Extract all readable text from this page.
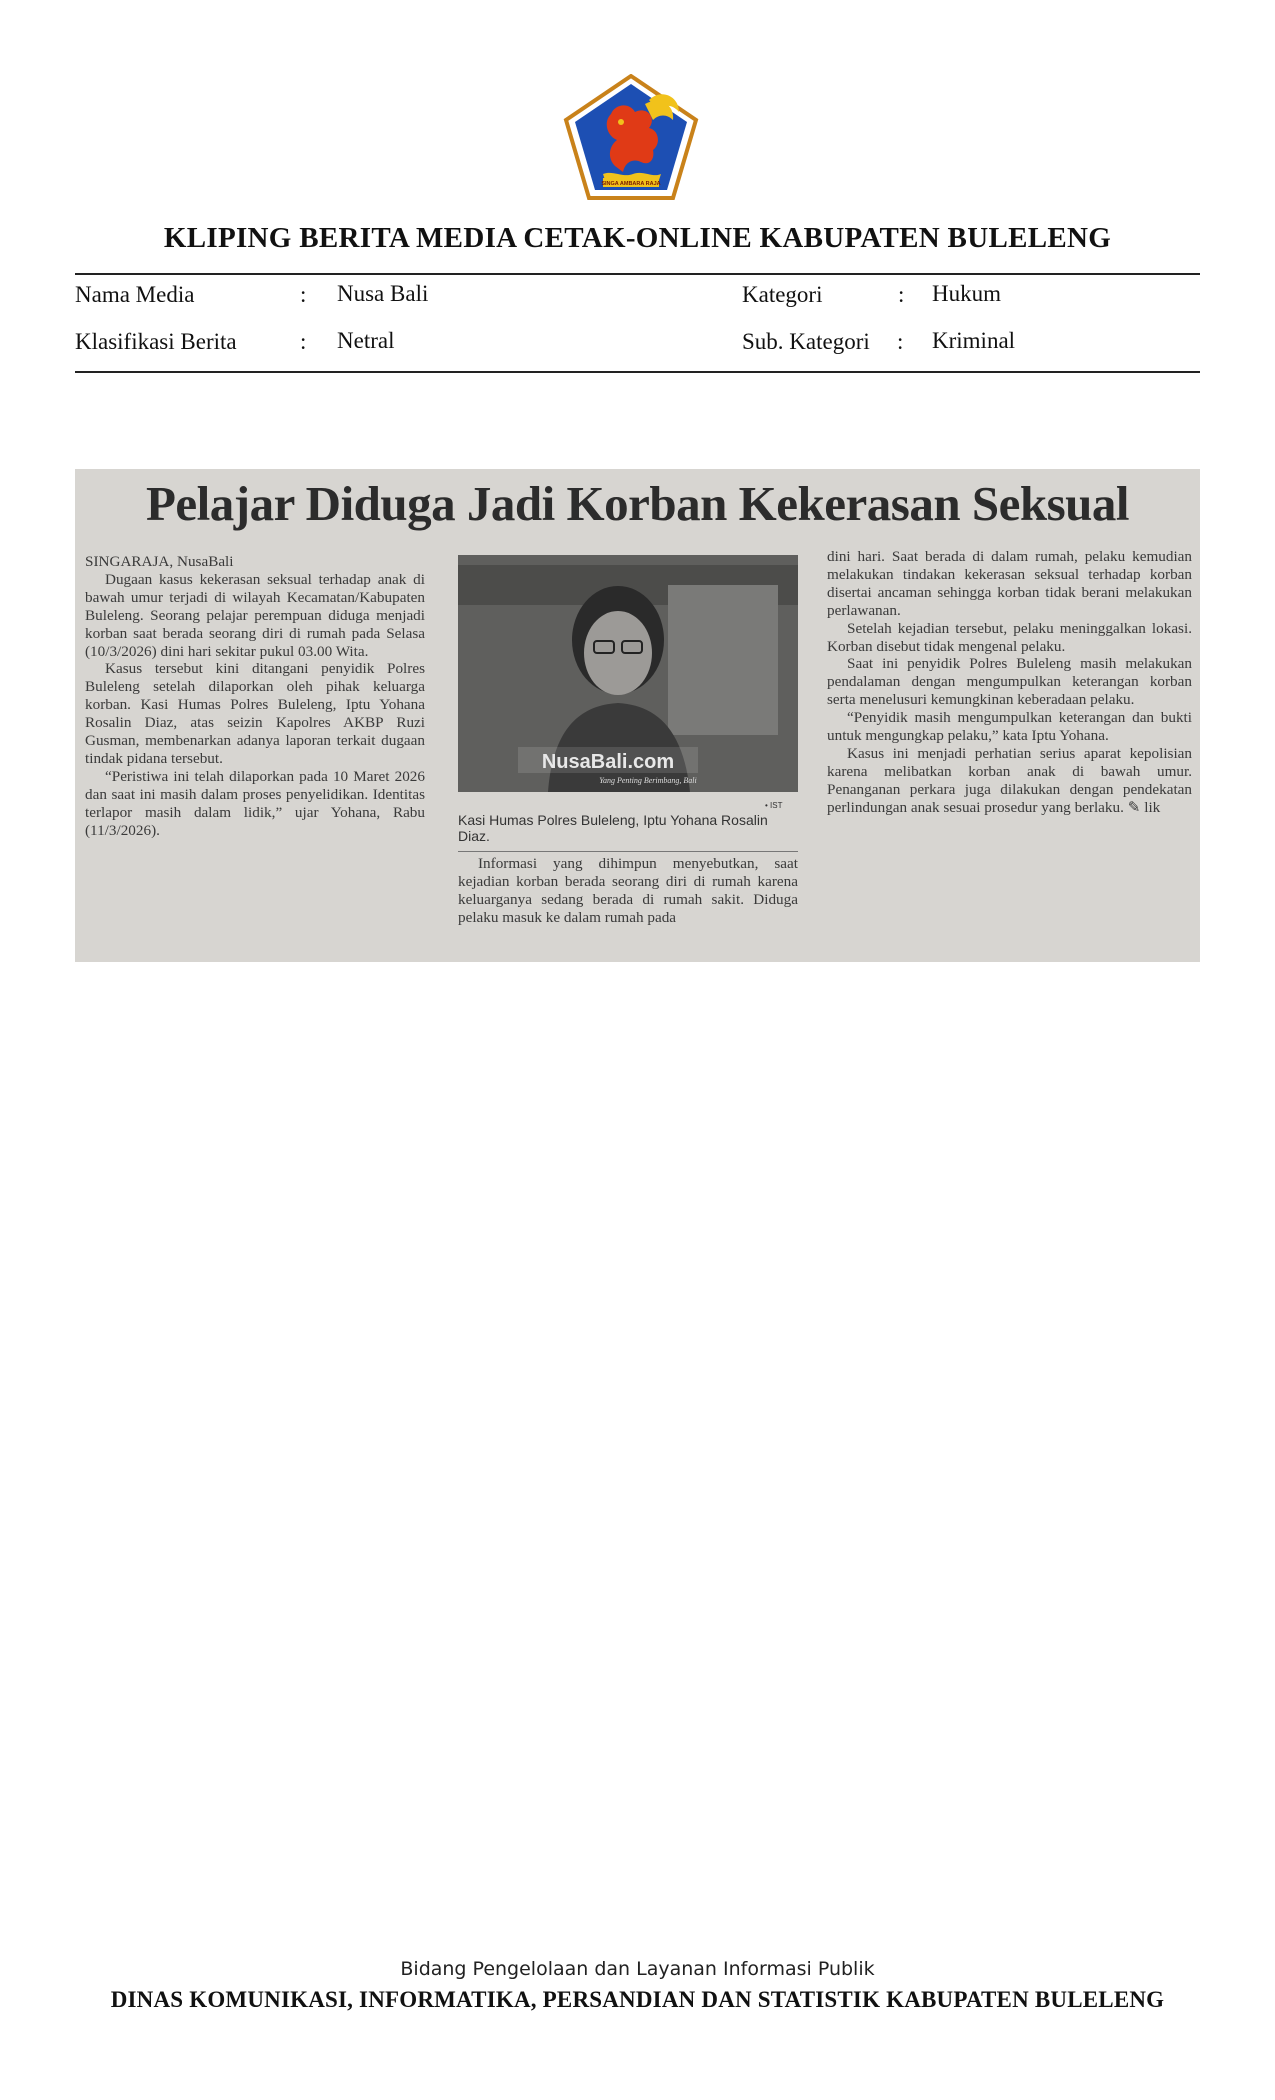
SINGA AMBARA RAJA
KLIPING BERITA MEDIA CETAK-ONLINE KABUPATEN BULELENG
Nama Media	: Nusa Bali	Kategori	: Hukum
Klasifikasi Berita	: Netral	Sub. Kategori : Kriminal
Pelajar Diduga Jadi Korban Kekerasan Seksual

SINGARAJA, NusaBali

Dugaan kasus kekerasan seksual terhadap anak di bawah umur terjadi di wilayah Kecamatan/Kabupaten Buleleng. Seorang pelajar perempuan diduga menjadi korban saat berada seorang diri di rumah pada Selasa (10/3/2026) dini hari sekitar pukul 03.00 Wita.

Kasus tersebut kini ditangani penyidik Polres Buleleng setelah dilaporkan oleh pihak keluarga korban. Kasi Humas Polres Buleleng, Iptu Yohana Rosalin Diaz, atas seizin Kapolres AKBP Ruzi Gusman, membenarkan adanya laporan terkait dugaan tindak pidana tersebut.

“Peristiwa ini telah dilaporkan pada 10 Maret 2026 dan saat ini masih dalam proses penyelidikan. Identitas terlapor masih dalam lidik,” ujar Yohana, Rabu (11/3/2026).

NusaBali.com
Yang Penting Berimbang, Bali
• IST
Kasi Humas Polres Buleleng, Iptu Yohana Rosalin Diaz.

Informasi yang dihimpun menyebutkan, saat kejadian korban berada seorang diri di rumah karena keluarganya sedang berada di rumah sakit. Diduga pelaku masuk ke dalam rumah pada

dini hari. Saat berada di dalam rumah, pelaku kemudian melakukan tindakan kekerasan seksual terhadap korban disertai ancaman sehingga korban tidak berani melakukan perlawanan.

Setelah kejadian tersebut, pelaku meninggalkan lokasi. Korban disebut tidak mengenal pelaku.

Saat ini penyidik Polres Buleleng masih melakukan pendalaman dengan mengumpulkan keterangan korban serta menelusuri kemungkinan keberadaan pelaku.

“Penyidik masih mengumpulkan keterangan dan bukti untuk mengungkap pelaku,” kata Iptu Yohana.

Kasus ini menjadi perhatian serius aparat kepolisian karena melibatkan korban anak di bawah umur. Penanganan perkara juga dilakukan dengan pendekatan perlindungan anak sesuai prosedur yang berlaku. ✎ lik

Bidang Pengelolaan dan Layanan Informasi Publik
DINAS KOMUNIKASI, INFORMATIKA, PERSANDIAN DAN STATISTIK KABUPATEN BULELENG
